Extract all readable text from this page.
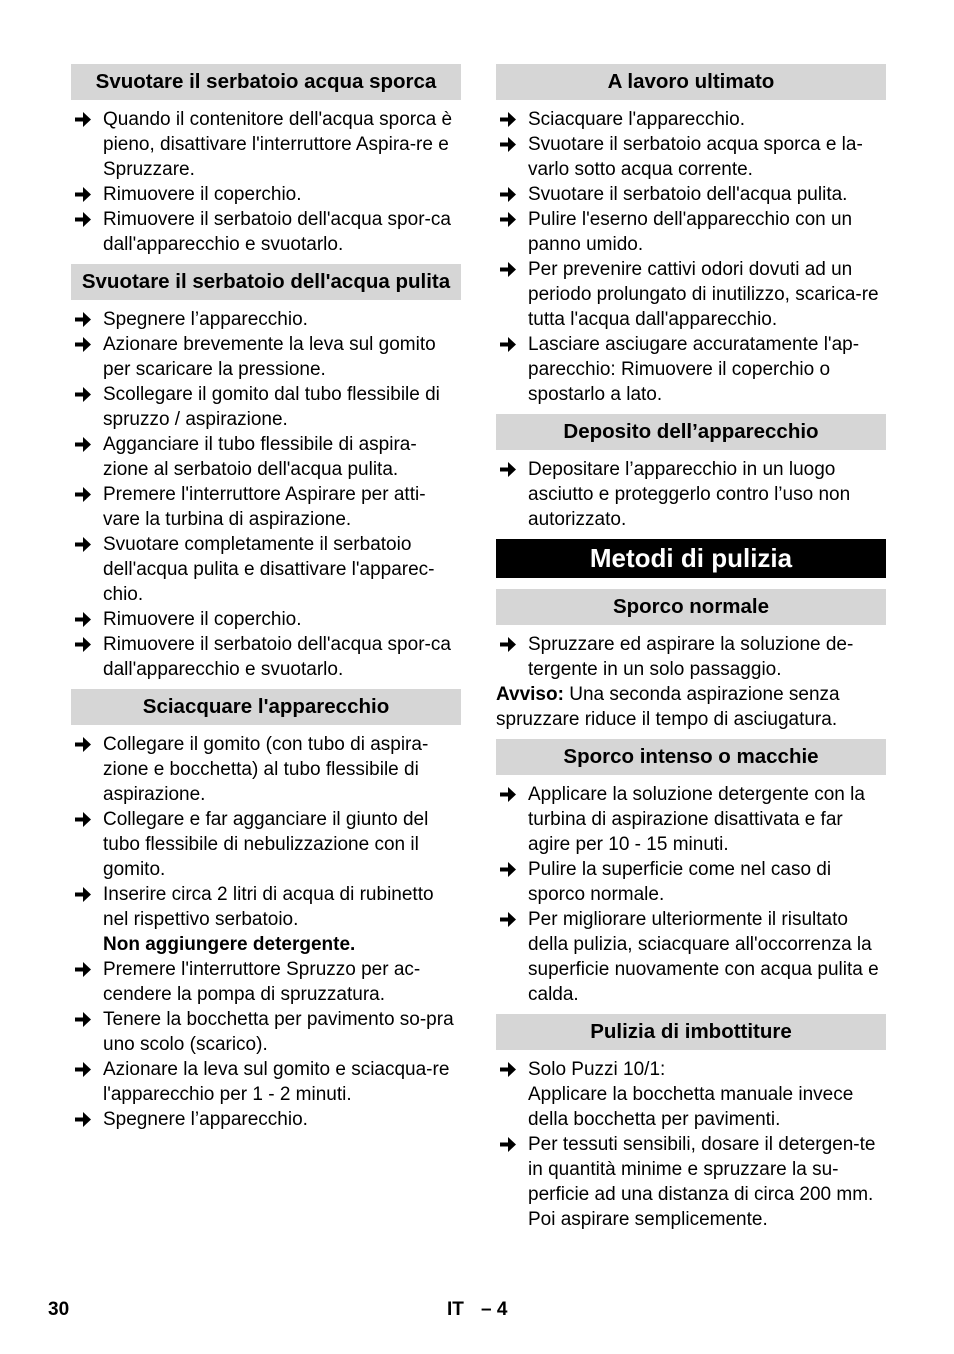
Svuotare il serbatoio acqua sporca
Quando il contenitore dell'acqua sporca è pieno, disattivare l'interruttore Aspira-re e Spruzzare.
Rimuovere il coperchio.
Rimuovere il serbatoio dell'acqua spor-ca dall'apparecchio e svuotarlo.
Svuotare il serbatoio dell'acqua pulita
Spegnere l’apparecchio.
Azionare brevemente la leva sul gomito per scaricare la pressione.
Scollegare il gomito dal tubo flessibile di spruzzo / aspirazione.
Agganciare il tubo flessibile di aspira-zione al serbatoio dell'acqua pulita.
Premere l'interruttore Aspirare per atti-vare la turbina di aspirazione.
Svuotare completamente il serbatoio dell'acqua pulita e disattivare l'apparec-chio.
Rimuovere il coperchio.
Rimuovere il serbatoio dell'acqua spor-ca dall'apparecchio e svuotarlo.
Sciacquare l'apparecchio
Collegare il gomito (con tubo di aspira-zione e bocchetta) al tubo flessibile di aspirazione.
Collegare e far agganciare il giunto del tubo flessibile di nebulizzazione con il gomito.
Inserire circa 2 litri di acqua di rubinetto nel rispettivo serbatoio.
Non aggiungere detergente.
Premere l'interruttore Spruzzo per ac-cendere la pompa di spruzzatura.
Tenere la bocchetta per pavimento so-pra uno scolo (scarico).
Azionare la leva sul gomito e sciacqua-re l'apparecchio per 1 - 2 minuti.
Spegnere l’apparecchio.
A lavoro ultimato
Sciacquare l'apparecchio.
Svuotare il serbatoio acqua sporca e la-varlo sotto acqua corrente.
Svuotare il serbatoio dell'acqua pulita.
Pulire l'eserno dell'apparecchio con un panno umido.
Per prevenire cattivi odori dovuti ad un periodo prolungato di inutilizzo, scarica-re tutta l'acqua dall'apparecchio.
Lasciare asciugare accuratamente l'ap-parecchio: Rimuovere il coperchio o spostarlo a lato.
Deposito dell’apparecchio
Depositare l’apparecchio in un luogo asciutto e proteggerlo contro l’uso non autorizzato.
Metodi di pulizia
Sporco normale
Spruzzare ed aspirare la soluzione de-tergente in un solo passaggio.

Avviso: Una seconda aspirazione senza spruzzare riduce il tempo di asciugatura.

Sporco intenso o macchie
Applicare la soluzione detergente con la turbina di aspirazione disattivata e far agire per 10 - 15 minuti.
Pulire la superficie come nel caso di sporco normale.
Per migliorare ulteriormente il risultato della pulizia, sciacquare all'occorrenza la superficie nuovamente con acqua pulita e calda.
Pulizia di imbottiture
Solo Puzzi 10/1:
Applicare la bocchetta manuale invece della bocchetta per pavimenti.
Per tessuti sensibili, dosare il detergen-te in quantità minime e spruzzare la su-perficie ad una distanza di circa 200 mm. Poi aspirare semplicemente.
30	IT – 4
